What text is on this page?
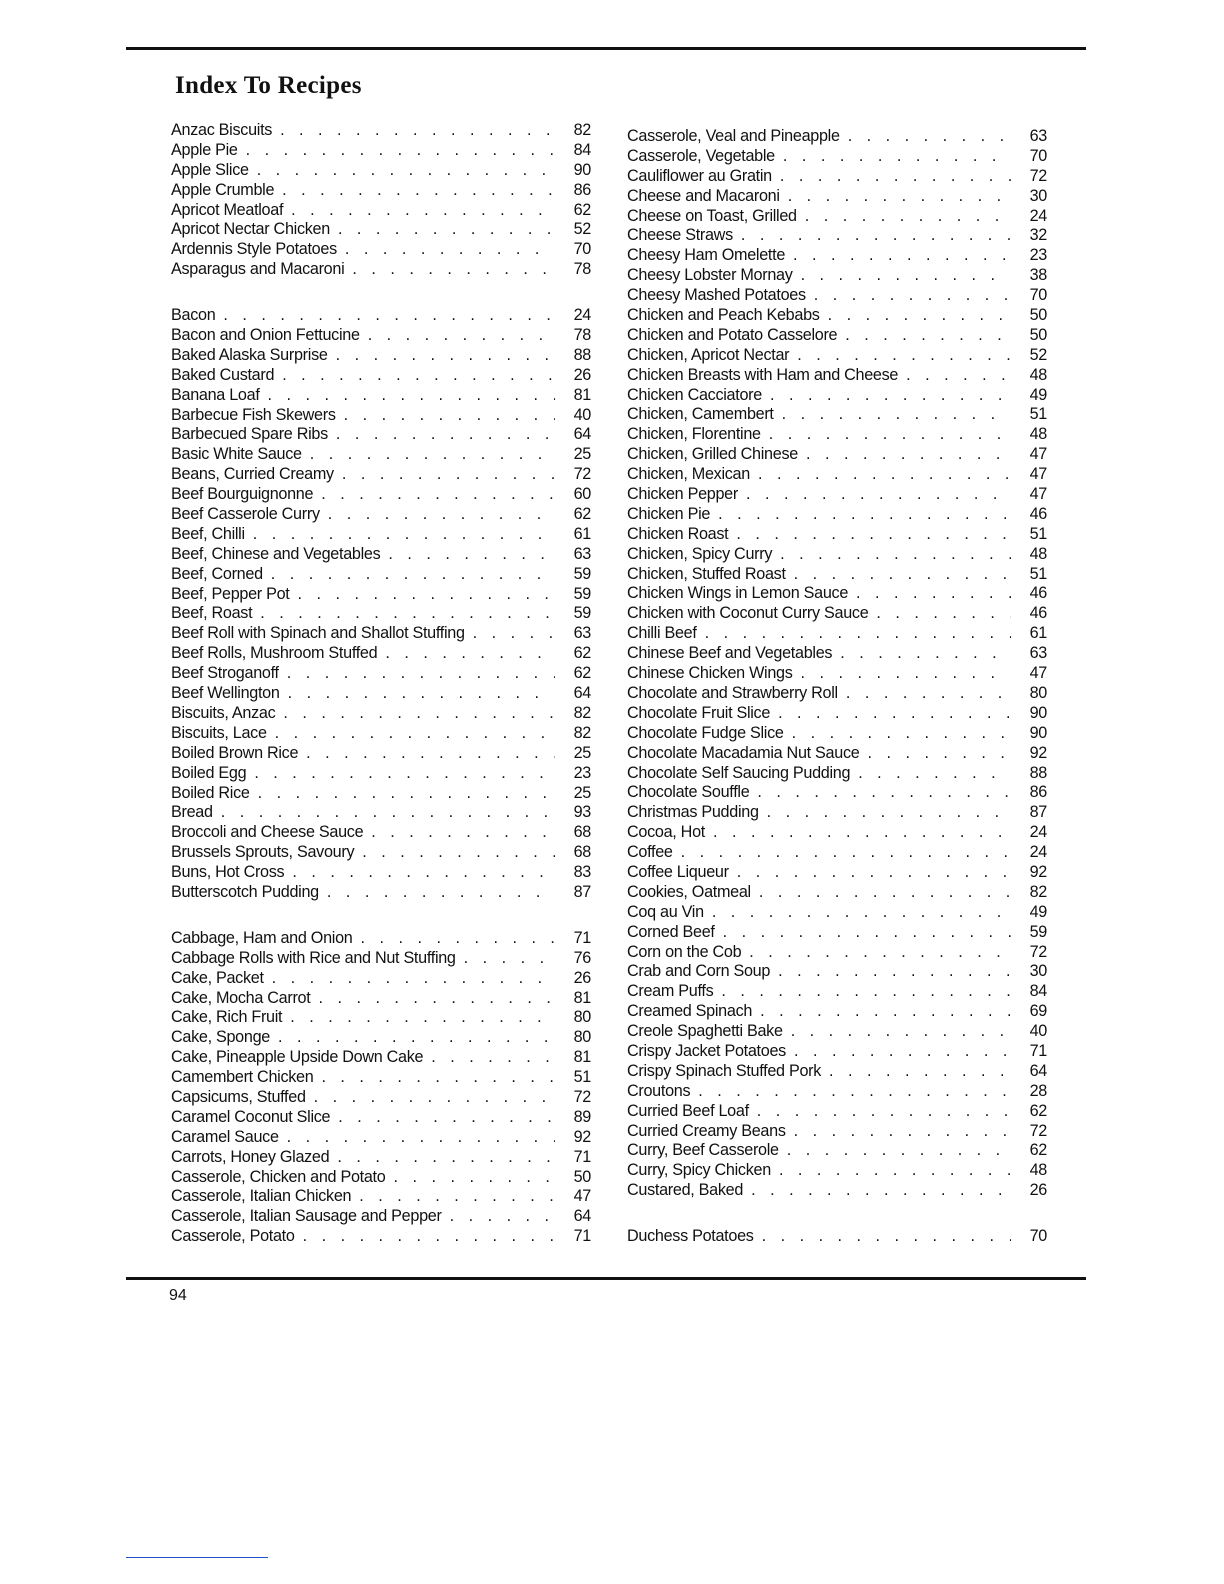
Index To Recipes
Anzac Biscuits . . .	82
Apple Pie . . .	84
Apple Slice . . .	90
Apple Crumble . . .	86
Apricot Meatloaf . . .	62
Apricot Nectar Chicken . . .	52
Ardennis Style Potatoes . . .	70
Asparagus and Macaroni . . .	78
Bacon . . .	24
Bacon and Onion Fettucine . . .	78
Baked Alaska Surprise . . .	88
Baked Custard . . .	26
Banana Loaf . . .	81
Barbecue Fish Skewers . . .	40
Barbecued Spare Ribs . . .	64
Basic White Sauce . . .	25
Beans, Curried Creamy . . .	72
Beef Bourguignonne . . .	60
Beef Casserole Curry . . .	62
Beef, Chilli . . .	61
Beef, Chinese and Vegetables . . .	63
Beef, Corned . . .	59
Beef, Pepper Pot . . .	59
Beef, Roast . . .	59
Beef Roll with Spinach and Shallot Stuffing . . .	63
Beef Rolls, Mushroom Stuffed . . .	62
Beef Stroganoff . . .	62
Beef Wellington . . .	64
Biscuits, Anzac . . .	82
Biscuits, Lace . . .	82
Boiled Brown Rice . . .	25
Boiled Egg . . .	23
Boiled Rice . . .	25
Bread . . .	93
Broccoli and Cheese Sauce . . .	68
Brussels Sprouts, Savoury . . .	68
Buns, Hot Cross . . .	83
Butterscotch Pudding . . .	87
Cabbage, Ham and Onion . . .	71
Cabbage Rolls with Rice and Nut Stuffing . . .	76
Cake, Packet . . .	26
Cake, Mocha Carrot . . .	81
Cake, Rich Fruit . . .	80
Cake, Sponge . . .	80
Cake, Pineapple Upside Down Cake . . .	81
Camembert Chicken . . .	51
Capsicums, Stuffed . . .	72
Caramel Coconut Slice . . .	89
Caramel Sauce . . .	92
Carrots, Honey Glazed . . .	71
Casserole, Chicken and Potato . . .	50
Casserole, Italian Chicken . . .	47
Casserole, Italian Sausage and Pepper . . .	64
Casserole, Potato . . .	71
Casserole, Veal and Pineapple . . .	63
Casserole, Vegetable . . .	70
Cauliflower au Gratin . . .	72
Cheese and Macaroni . . .	30
Cheese on Toast, Grilled . . .	24
Cheese Straws . . .	32
Cheesy Ham Omelette . . .	23
Cheesy Lobster Mornay . . .	38
Cheesy Mashed Potatoes . . .	70
Chicken and Peach Kebabs . . .	50
Chicken and Potato Casselore . . .	50
Chicken, Apricot Nectar . . .	52
Chicken Breasts with Ham and Cheese . . .	48
Chicken Cacciatore . . .	49
Chicken, Camembert . . .	51
Chicken, Florentine . . .	48
Chicken, Grilled Chinese . . .	47
Chicken, Mexican . . .	47
Chicken Pepper . . .	47
Chicken Pie . . .	46
Chicken Roast . . .	51
Chicken, Spicy Curry . . .	48
Chicken, Stuffed Roast . . .	51
Chicken Wings in Lemon Sauce . . .	46
Chicken with Coconut Curry Sauce . . .	46
Chilli Beef . . .	61
Chinese Beef and Vegetables . . .	63
Chinese Chicken Wings . . .	47
Chocolate and Strawberry Roll . . .	80
Chocolate Fruit Slice . . .	90
Chocolate Fudge Slice . . .	90
Chocolate Macadamia Nut Sauce . . .	92
Chocolate Self Saucing Pudding . . .	88
Chocolate Souffle . . .	86
Christmas Pudding . . .	87
Cocoa, Hot . . .	24
Coffee . . .	24
Coffee Liqueur . . .	92
Cookies, Oatmeal . . .	82
Coq au Vin . . .	49
Corned Beef . . .	59
Corn on the Cob . . .	72
Crab and Corn Soup . . .	30
Cream Puffs . . .	84
Creamed Spinach . . .	69
Creole Spaghetti Bake . . .	40
Crispy Jacket Potatoes . . .	71
Crispy Spinach Stuffed Pork . . .	64
Croutons . . .	28
Curried Beef Loaf . . .	62
Curried Creamy Beans . . .	72
Curry, Beef Casserole . . .	62
Curry, Spicy Chicken . . .	48
Custared, Baked . . .	26
Duchess Potatoes . . .	70
94
